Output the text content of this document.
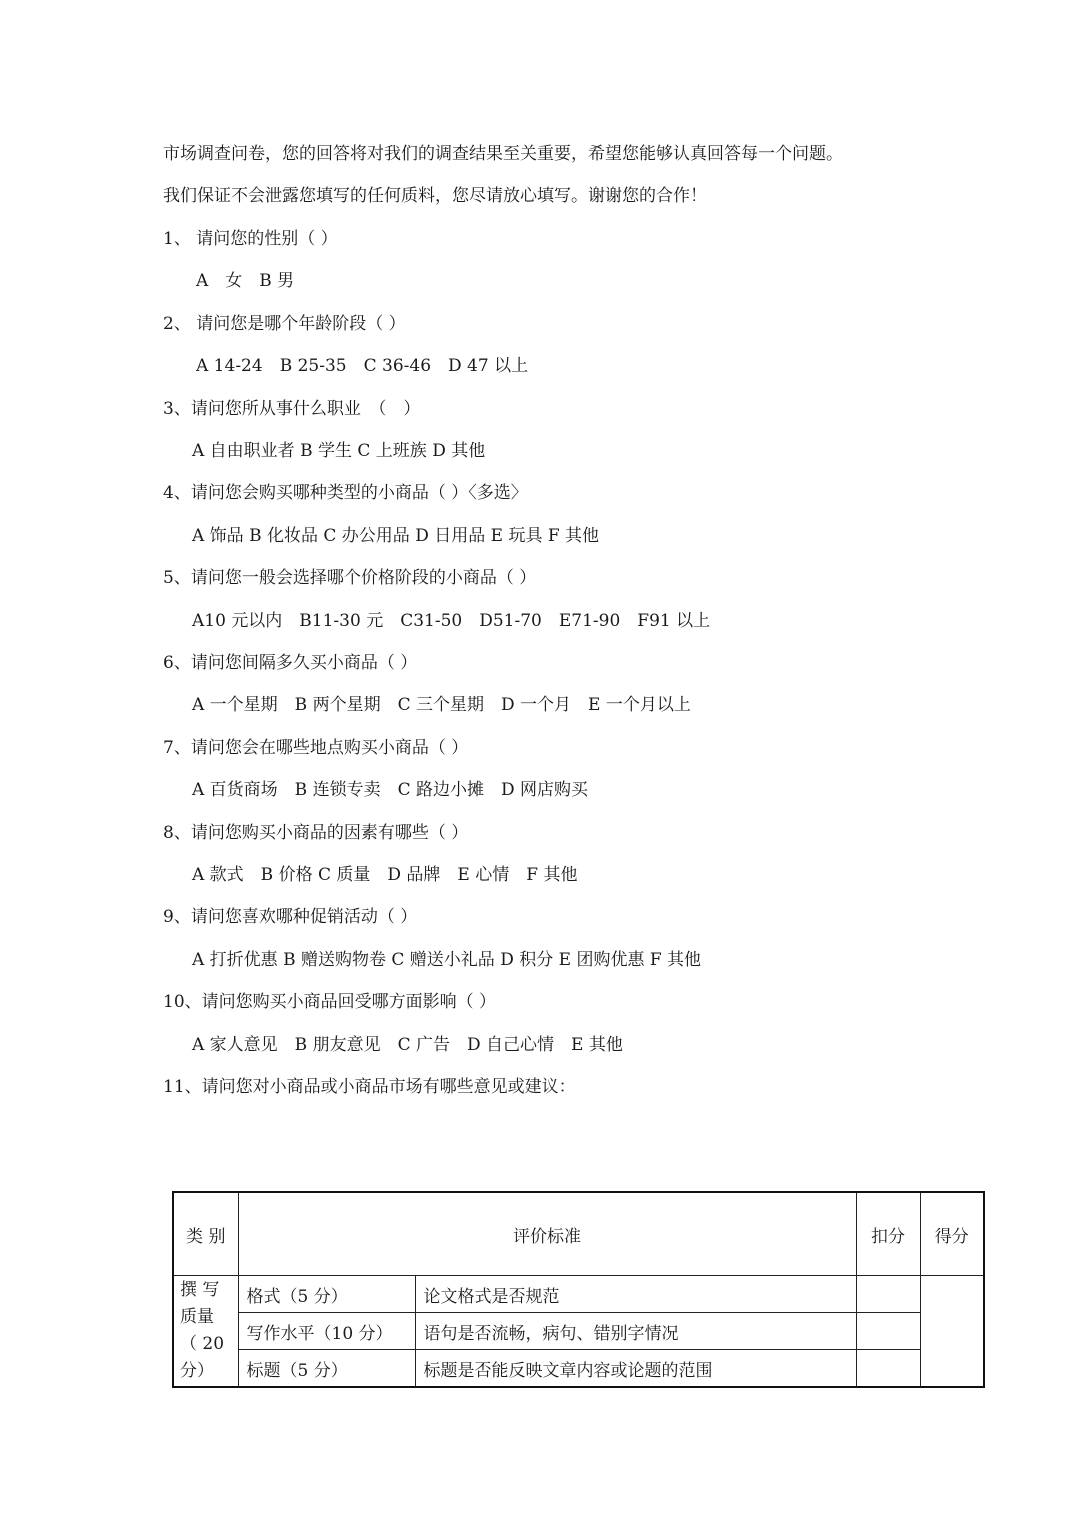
市场调查问卷，您的回答将对我们的调查结果至关重要，希望您能够认真回答每一个问题。
我们保证不会泄露您填写的任何质料，您尽请放心填写。谢谢您的合作！
1、 请问您的性别（ ）
A　女　B 男
2、 请问您是哪个年龄阶段（ ）
A 14-24　B 25-35　C 36-46　D 47 以上
3、请问您所从事什么职业　（　）
A 自由职业者 B 学生 C 上班族 D 其他
4、请问您会购买哪种类型的小商品（ ）〈多选〉
A 饰品 B 化妆品 C 办公用品 D 日用品 E 玩具 F 其他
5、请问您一般会选择哪个价格阶段的小商品（ ）
A10 元以内　B11-30 元　C31-50　D51-70　E71-90　F91 以上
6、请问您间隔多久买小商品（ ）
A 一个星期　B 两个星期　C 三个星期　D 一个月　E 一个月以上
7、请问您会在哪些地点购买小商品（ ）
A 百货商场　B 连锁专卖　C 路边小摊　D 网店购买
8、请问您购买小商品的因素有哪些（ ）
A 款式　B 价格 C 质量　D 品牌　E 心情　F 其他
9、请问您喜欢哪种促销活动（ ）
A 打折优惠 B 赠送购物卷 C 赠送小礼品 D 积分 E 团购优惠 F 其他
10、请问您购买小商品回受哪方面影响（ ）
A 家人意见　B 朋友意见　C 广告　D 自己心情　E 其他
11、请问您对小商品或小商品市场有哪些意见或建议：
类 别	评价标准		扣分	得分
撰 写 质量 （ 20 分）	格式（5 分）	论文格式是否规范		
	写作水平（10 分）	语句是否流畅，病句、错别字情况		
	标题（5 分）	标题是否能反映文章内容或论题的范围		
